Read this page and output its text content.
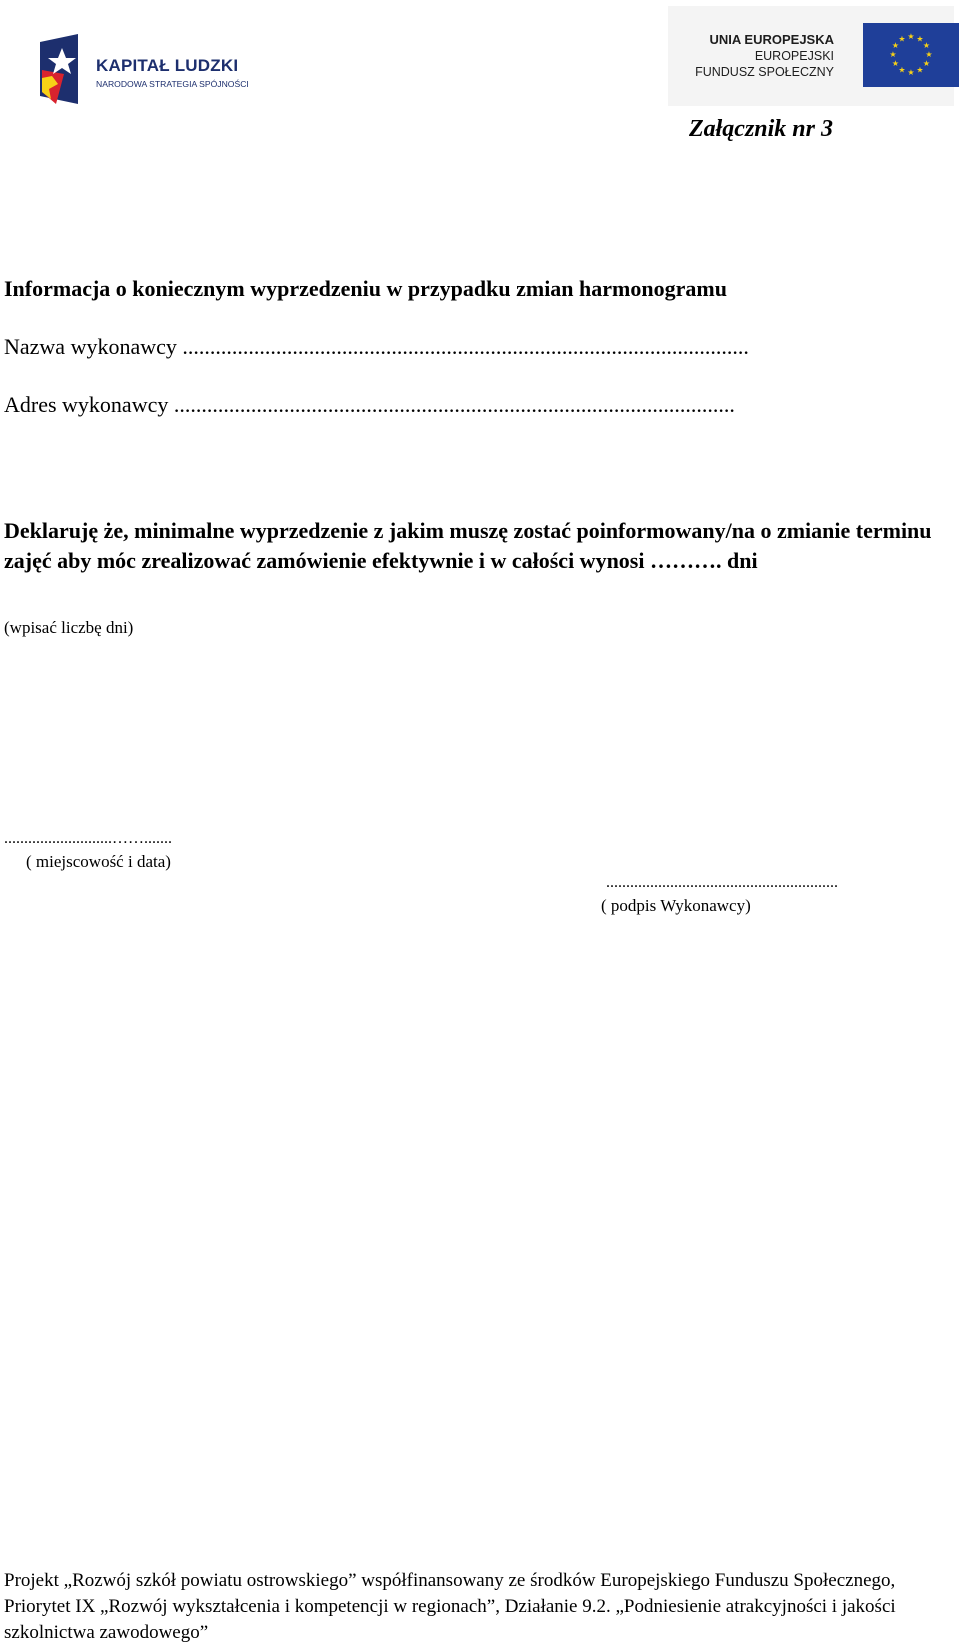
KAPITAŁ LUDZKI
NARODOWA STRATEGIA SPÓJNOŚCI
UNIA EUROPEJSKA
EUROPEJSKI
FUNDUSZ SPOŁECZNY
★ ★
★
★
★
★
★
★
★
★
★
★
Załącznik nr 3
Informacja o koniecznym wyprzedzeniu w przypadku zmian harmonogramu
Nazwa wykonawcy .......................................................................................................
Adres wykonawcy ......................................................................................................
Deklaruję że, minimalne wyprzedzenie z jakim muszę zostać poinformowany/na o zmianie terminu zajęć aby móc zrealizować zamówienie efektywnie i w całości wynosi ………. dni
(wpisać liczbę dni)
...........................…….......
( miejscowość i data)
..........................................................
( podpis Wykonawcy)
Projekt „Rozwój szkół powiatu ostrowskiego” współfinansowany ze środków Europejskiego Funduszu Społecznego, Priorytet IX „Rozwój wykształcenia i kompetencji w regionach”, Działanie 9.2. „Podniesienie atrakcyjności i jakości szkolnictwa zawodowego”
